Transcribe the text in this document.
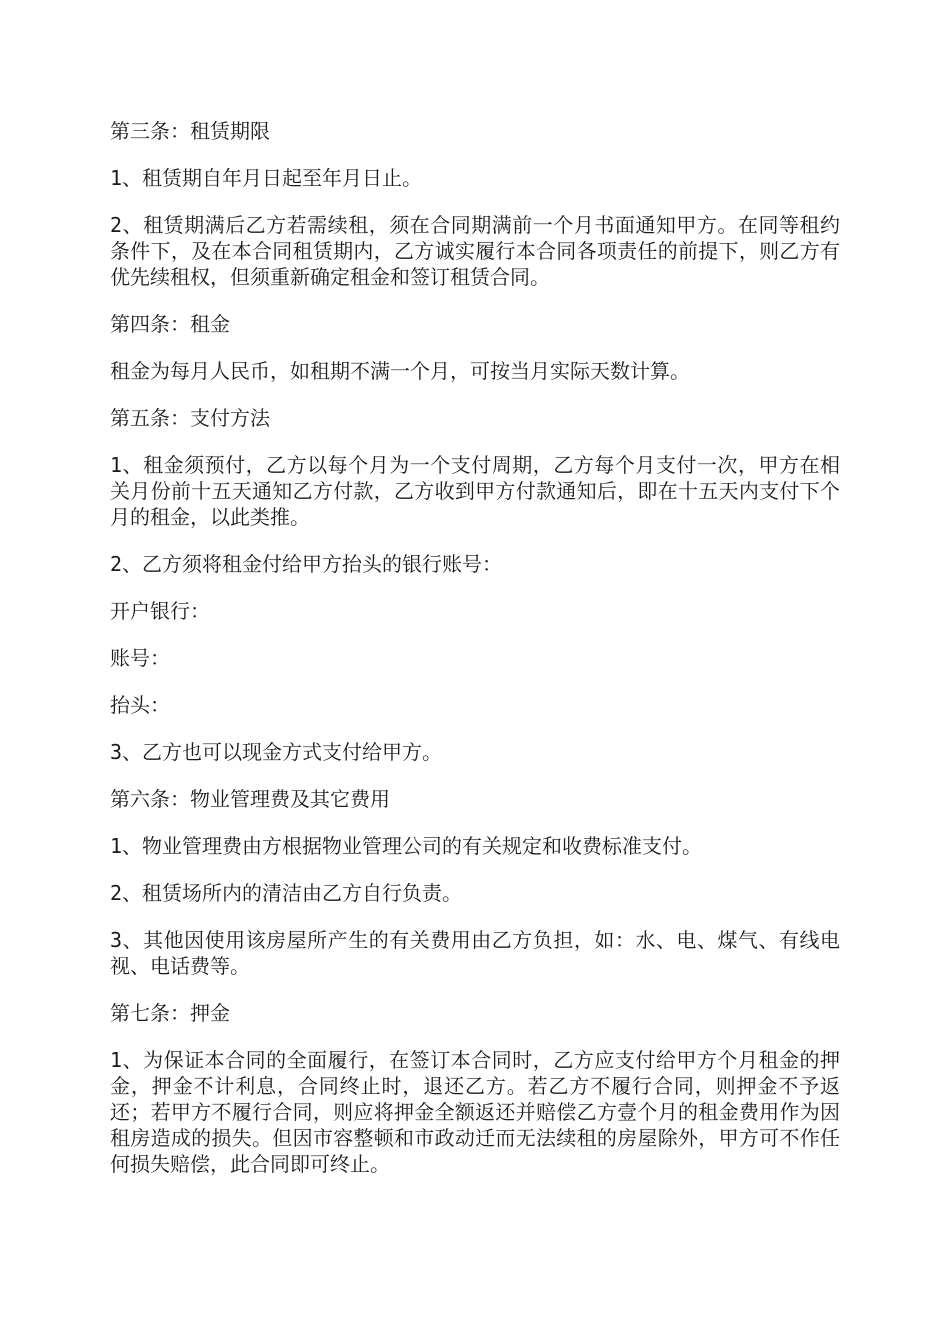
第三条：租赁期限

1、租赁期自年月日起至年月日止。

2、租赁期满后乙方若需续租，须在合同期满前一个月书面通知甲方。在同等租约条件下，及在本合同租赁期内，乙方诚实履行本合同各项责任的前提下，则乙方有优先续租权，但须重新确定租金和签订租赁合同。

第四条：租金

租金为每月人民币，如租期不满一个月，可按当月实际天数计算。

第五条：支付方法

1、租金须预付，乙方以每个月为一个支付周期，乙方每个月支付一次，甲方在相关月份前十五天通知乙方付款，乙方收到甲方付款通知后，即在十五天内支付下个月的租金，以此类推。

2、乙方须将租金付给甲方抬头的银行账号：

开户银行：

账号：

抬头：

3、乙方也可以现金方式支付给甲方。

第六条：物业管理费及其它费用

1、物业管理费由方根据物业管理公司的有关规定和收费标准支付。

2、租赁场所内的清洁由乙方自行负责。

3、其他因使用该房屋所产生的有关费用由乙方负担，如：水、电、煤气、有线电视、电话费等。

第七条：押金

1、为保证本合同的全面履行，在签订本合同时，乙方应支付给甲方个月租金的押金，押金不计利息，合同终止时，退还乙方。若乙方不履行合同，则押金不予返还；若甲方不履行合同，则应将押金全额返还并赔偿乙方壹个月的租金费用作为因租房造成的损失。但因市容整顿和市政动迁而无法续租的房屋除外，甲方可不作任何损失赔偿，此合同即可终止。
